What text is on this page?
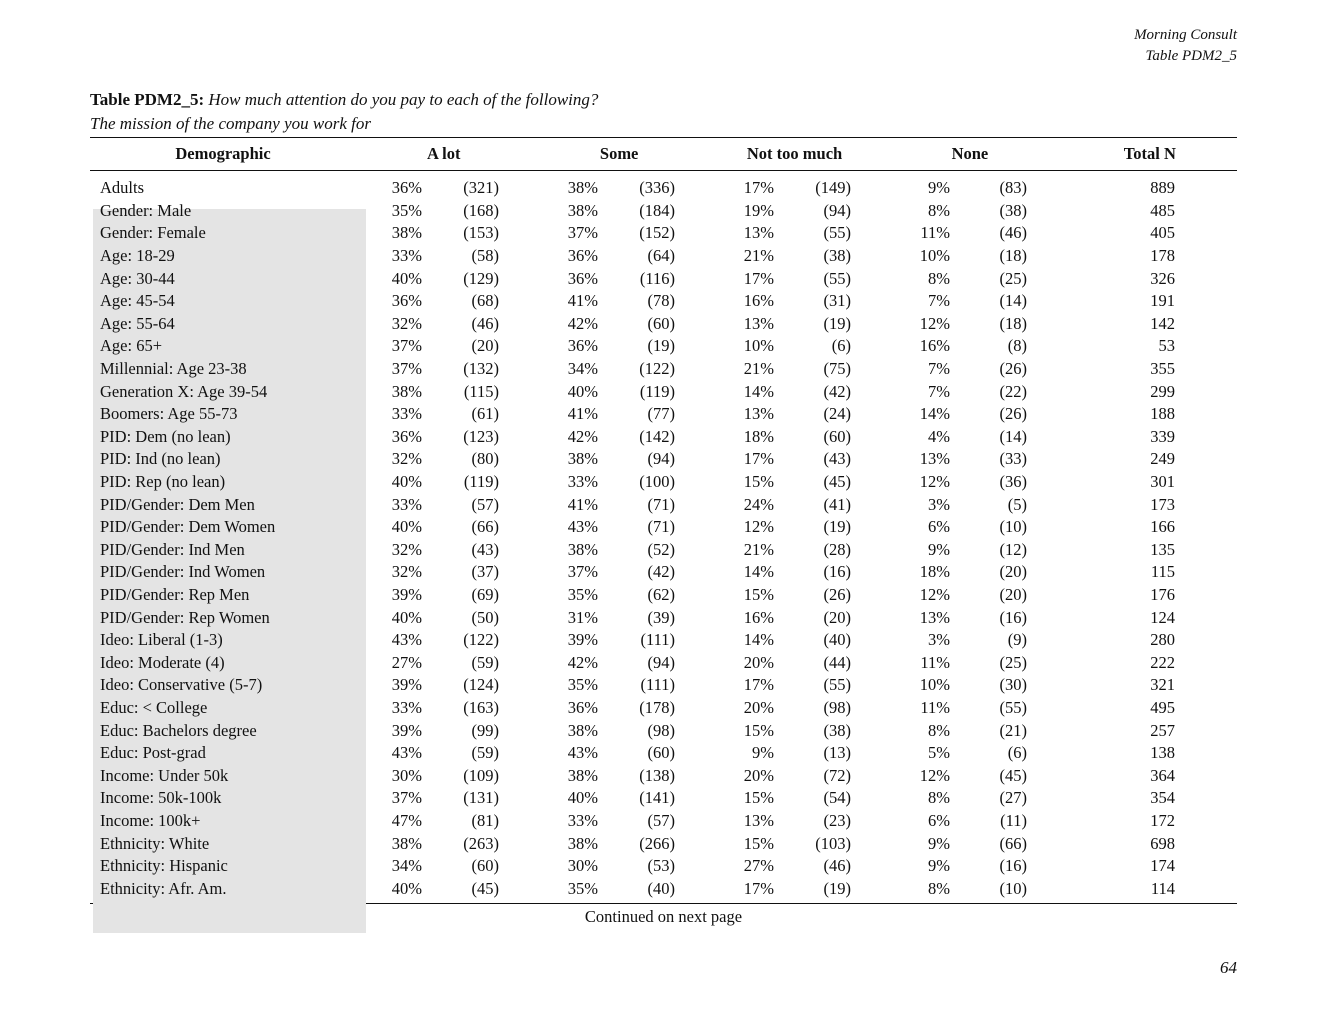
Morning Consult
Table PDM2_5
Table PDM2_5: How much attention do you pay to each of the following?
The mission of the company you work for
Demographic	A lot	Some	Not too much	None	Total N
Adults	36%	(321)	38%	(336)	17%	(149)	9%	(83)	889
Gender: Male	35%	(168)	38%	(184)	19%	(94)	8%	(38)	485
Gender: Female	38%	(153)	37%	(152)	13%	(55)	11%	(46)	405
Age: 18-29	33%	(58)	36%	(64)	21%	(38)	10%	(18)	178
Age: 30-44	40%	(129)	36%	(116)	17%	(55)	8%	(25)	326
Age: 45-54	36%	(68)	41%	(78)	16%	(31)	7%	(14)	191
Age: 55-64	32%	(46)	42%	(60)	13%	(19)	12%	(18)	142
Age: 65+	37%	(20)	36%	(19)	10%	(6)	16%	(8)	53
Millennial: Age 23-38	37%	(132)	34%	(122)	21%	(75)	7%	(26)	355
Generation X: Age 39-54	38%	(115)	40%	(119)	14%	(42)	7%	(22)	299
Boomers: Age 55-73	33%	(61)	41%	(77)	13%	(24)	14%	(26)	188
PID: Dem (no lean)	36%	(123)	42%	(142)	18%	(60)	4%	(14)	339
PID: Ind (no lean)	32%	(80)	38%	(94)	17%	(43)	13%	(33)	249
PID: Rep (no lean)	40%	(119)	33%	(100)	15%	(45)	12%	(36)	301
PID/Gender: Dem Men	33%	(57)	41%	(71)	24%	(41)	3%	(5)	173
PID/Gender: Dem Women	40%	(66)	43%	(71)	12%	(19)	6%	(10)	166
PID/Gender: Ind Men	32%	(43)	38%	(52)	21%	(28)	9%	(12)	135
PID/Gender: Ind Women	32%	(37)	37%	(42)	14%	(16)	18%	(20)	115
PID/Gender: Rep Men	39%	(69)	35%	(62)	15%	(26)	12%	(20)	176
PID/Gender: Rep Women	40%	(50)	31%	(39)	16%	(20)	13%	(16)	124
Ideo: Liberal (1-3)	43%	(122)	39%	(111)	14%	(40)	3%	(9)	280
Ideo: Moderate (4)	27%	(59)	42%	(94)	20%	(44)	11%	(25)	222
Ideo: Conservative (5-7)	39%	(124)	35%	(111)	17%	(55)	10%	(30)	321
Educ: < College	33%	(163)	36%	(178)	20%	(98)	11%	(55)	495
Educ: Bachelors degree	39%	(99)	38%	(98)	15%	(38)	8%	(21)	257
Educ: Post-grad	43%	(59)	43%	(60)	9%	(13)	5%	(6)	138
Income: Under 50k	30%	(109)	38%	(138)	20%	(72)	12%	(45)	364
Income: 50k-100k	37%	(131)	40%	(141)	15%	(54)	8%	(27)	354
Income: 100k+	47%	(81)	33%	(57)	13%	(23)	6%	(11)	172
Ethnicity: White	38%	(263)	38%	(266)	15%	(103)	9%	(66)	698
Ethnicity: Hispanic	34%	(60)	30%	(53)	27%	(46)	9%	(16)	174
Ethnicity: Afr. Am.	40%	(45)	35%	(40)	17%	(19)	8%	(10)	114
Continued on next page
64
